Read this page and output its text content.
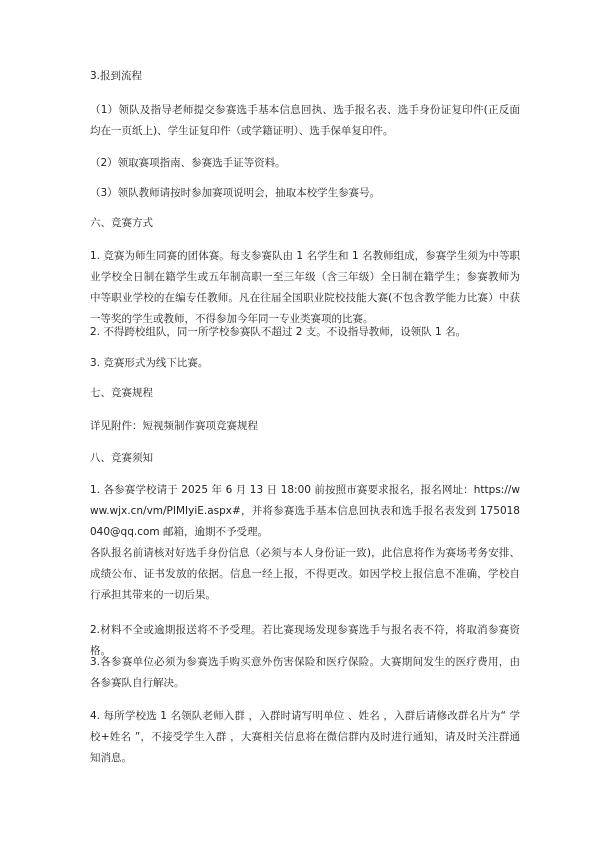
3.报到流程
（1）领队及指导老师提交参赛选手基本信息回执、选手报名表、选手身份证复印件(正反面均在一页纸上)、学生证复印件（或学籍证明）、选手保单复印件。
（2）领取赛项指南、参赛选手证等资料。
（3）领队教师请按时参加赛项说明会，抽取本校学生参赛号。
六、竞赛方式
1. 竞赛为师生同赛的团体赛。每支参赛队由 1 名学生和 1 名教师组成，参赛学生须为中等职业学校全日制在籍学生或五年制高职一至三年级（含三年级）全日制在籍学生；参赛教师为中等职业学校的在编专任教师。凡在往届全国职业院校技能大赛(不包含教学能力比赛）中获一等奖的学生或教师，不得参加今年同一专业类赛项的比赛。
2. 不得跨校组队，同一所学校参赛队不超过 2 支。不设指导教师，设领队 1 名。
3. 竞赛形式为线下比赛。
七、竞赛规程
详见附件：短视频制作赛项竞赛规程
八、竞赛须知
1. 各参赛学校请于 2025 年 6 月 13 日 18:00 前按照市赛要求报名，报名网址：https://www.wjx.cn/vm/PIMIyiE.aspx#，并将参赛选手基本信息回执表和选手报名表发到 175018040@qq.com 邮箱，逾期不予受理。
各队报名前请核对好选手身份信息（必须与本人身份证一致)，此信息将作为赛场考务安排、成绩公布、证书发放的依据。信息一经上报，不得更改。如因学校上报信息不准确，学校自行承担其带来的一切后果。
2.材料不全或逾期报送将不予受理。若比赛现场发现参赛选手与报名表不符，将取消参赛资格。
3.各参赛单位必须为参赛选手购买意外伤害保险和医疗保险。大赛期间发生的医疗费用，由各参赛队自行解决。
4. 每所学校选 1 名领队老师入群 ，入群时请写明单位 、姓名 ，入群后请修改群名片为“ 学校+姓名 ”，不接受学生入群 ，大赛相关信息将在微信群内及时进行通知，请及时关注群通知消息。
